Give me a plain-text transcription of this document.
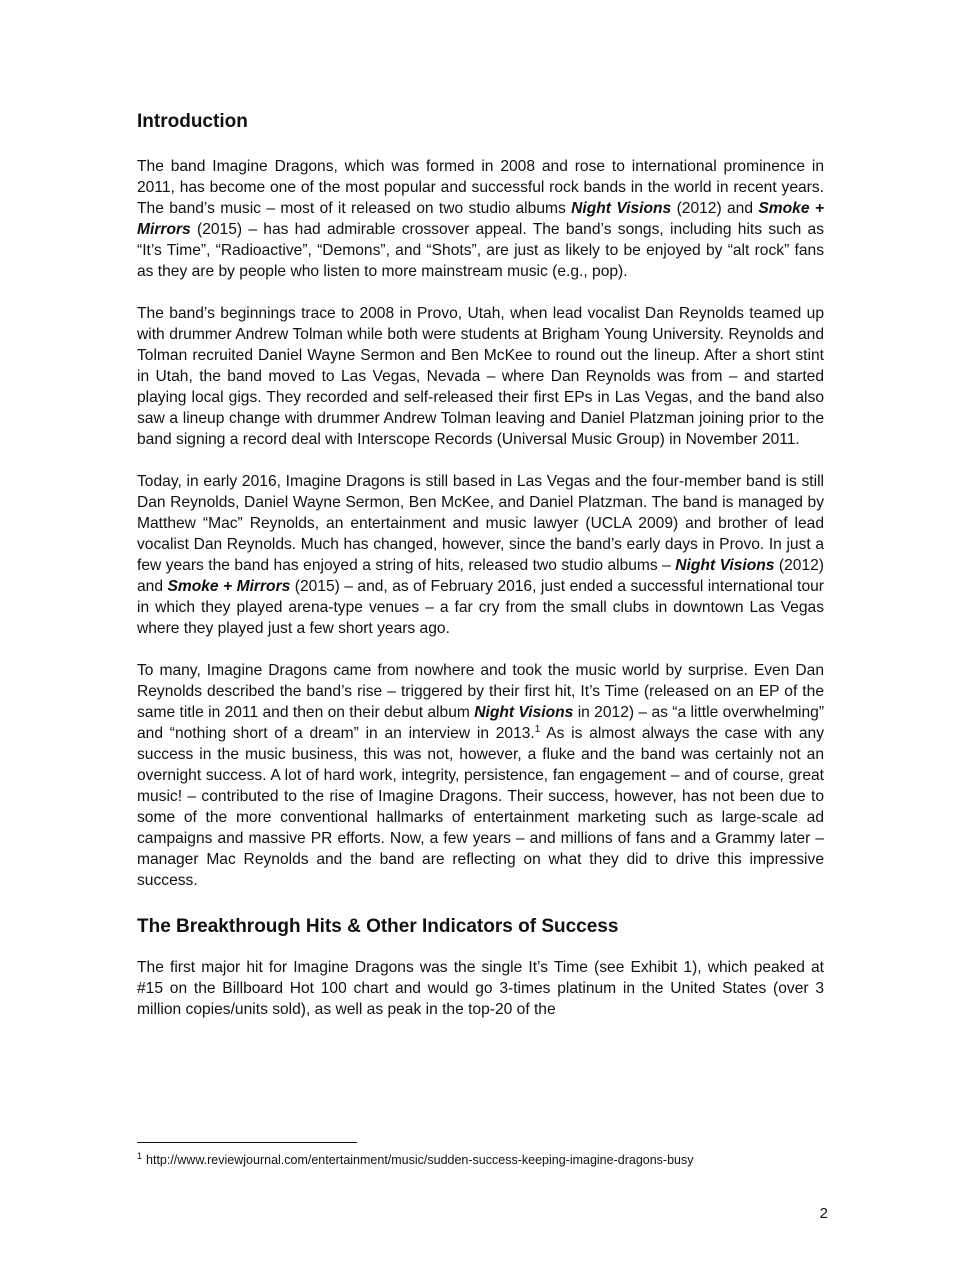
Introduction

The band Imagine Dragons, which was formed in 2008 and rose to international prominence in 2011, has become one of the most popular and successful rock bands in the world in recent years. The band’s music – most of it released on two studio albums Night Visions (2012) and Smoke + Mirrors (2015) – has had admirable crossover appeal. The band’s songs, including hits such as “It’s Time”, “Radioactive”, “Demons”, and “Shots”, are just as likely to be enjoyed by “alt rock” fans as they are by people who listen to more mainstream music (e.g., pop).

The band’s beginnings trace to 2008 in Provo, Utah, when lead vocalist Dan Reynolds teamed up with drummer Andrew Tolman while both were students at Brigham Young University. Reynolds and Tolman recruited Daniel Wayne Sermon and Ben McKee to round out the lineup. After a short stint in Utah, the band moved to Las Vegas, Nevada – where Dan Reynolds was from – and started playing local gigs. They recorded and self-released their first EPs in Las Vegas, and the band also saw a lineup change with drummer Andrew Tolman leaving and Daniel Platzman joining prior to the band signing a record deal with Interscope Records (Universal Music Group) in November 2011.

Today, in early 2016, Imagine Dragons is still based in Las Vegas and the four-member band is still Dan Reynolds, Daniel Wayne Sermon, Ben McKee, and Daniel Platzman. The band is managed by Matthew “Mac” Reynolds, an entertainment and music lawyer (UCLA 2009) and brother of lead vocalist Dan Reynolds. Much has changed, however, since the band’s early days in Provo. In just a few years the band has enjoyed a string of hits, released two studio albums – Night Visions (2012) and Smoke + Mirrors (2015) – and, as of February 2016, just ended a successful international tour in which they played arena-type venues – a far cry from the small clubs in downtown Las Vegas where they played just a few short years ago.

To many, Imagine Dragons came from nowhere and took the music world by surprise. Even Dan Reynolds described the band’s rise – triggered by their first hit, It’s Time (released on an EP of the same title in 2011 and then on their debut album Night Visions in 2012) – as “a little overwhelming” and “nothing short of a dream” in an interview in 2013.$^1$ As is almost always the case with any success in the music business, this was not, however, a fluke and the band was certainly not an overnight success. A lot of hard work, integrity, persistence, fan engagement – and of course, great music! – contributed to the rise of Imagine Dragons. Their success, however, has not been due to some of the more conventional hallmarks of entertainment marketing such as large-scale ad campaigns and massive PR efforts. Now, a few years – and millions of fans and a Grammy later – manager Mac Reynolds and the band are reflecting on what they did to drive this impressive success.

The Breakthrough Hits & Other Indicators of Success

The first major hit for Imagine Dragons was the single It’s Time (see Exhibit 1), which peaked at #15 on the Billboard Hot 100 chart and would go 3-times platinum in the United States (over 3 million copies/units sold), as well as peak in the top-20 of the

$^1$ http://www.reviewjournal.com/entertainment/music/sudden-success-keeping-imagine-dragons-busy
2
